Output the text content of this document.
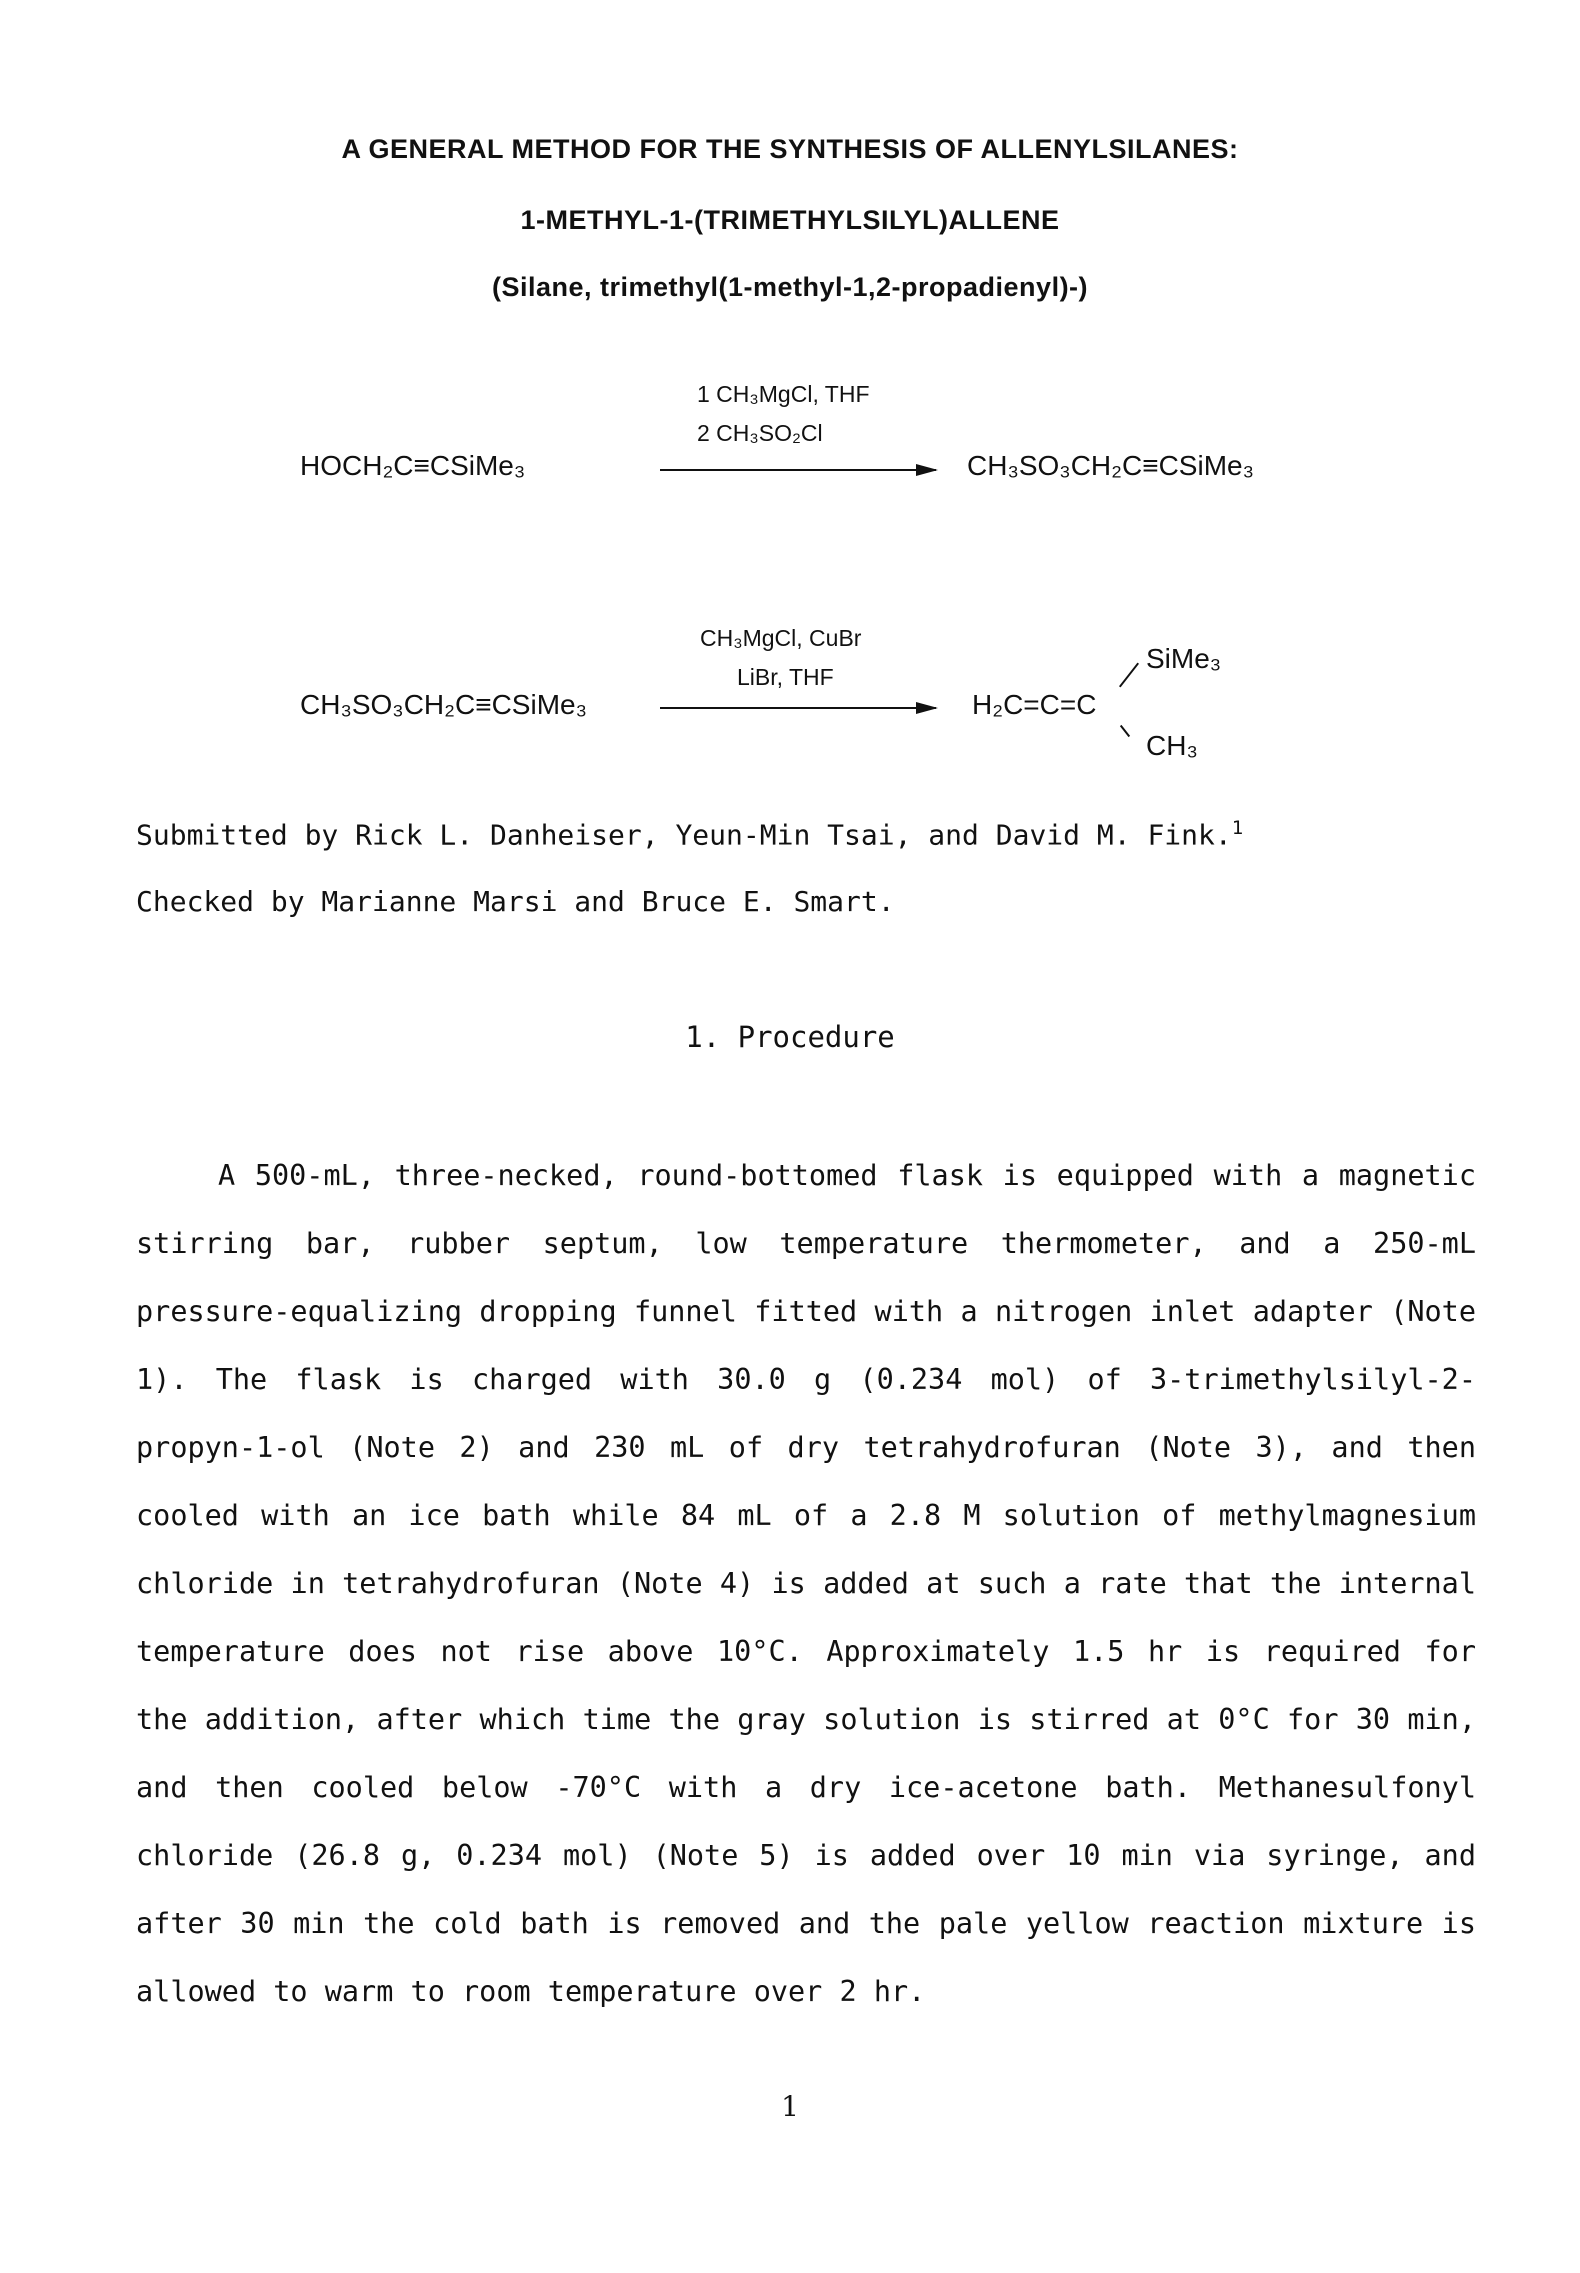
A GENERAL METHOD FOR THE SYNTHESIS OF ALLENYLSILANES:
1-METHYL-1-(TRIMETHYLSILYL)ALLENE
(Silane, trimethyl(1-methyl-1,2-propadienyl)-)
1 CH₃MgCl, THF
2 CH₃SO₂Cl
HOCH₂C≡CSiMe₃	CH₃SO₃CH₂C≡CSiMe₃
CH₃MgCl, CuBr
LiBr, THF
CH₃SO₃CH₂C≡CSiMe₃	H₂C=C=C
SiMe₃
CH₃
Submitted by Rick L. Danheiser, Yeun-Min Tsai, and David M. Fink.$^1$
Checked by Marianne Marsi and Bruce E. Smart.
1. Procedure
A 500-mL, three-necked, round-bottomed flask is equipped with a magnetic
stirring bar, rubber septum, low temperature thermometer, and a 250-mL
pressure-equalizing dropping funnel fitted with a nitrogen inlet adapter (Note
1). The flask is charged with 30.0 g (0.234 mol) of 3-trimethylsilyl-2-
propyn-1-ol (Note 2) and 230 mL of dry tetrahydrofuran (Note 3), and then
cooled with an ice bath while 84 mL of a 2.8 M solution of methylmagnesium
chloride in tetrahydrofuran (Note 4) is added at such a rate that the internal
temperature does not rise above 10°C. Approximately 1.5 hr is required for
the addition, after which time the gray solution is stirred at 0°C for 30 min,
and then cooled below -70°C with a dry ice-acetone bath. Methanesulfonyl
chloride (26.8 g, 0.234 mol) (Note 5) is added over 10 min via syringe, and
after 30 min the cold bath is removed and the pale yellow reaction mixture is
allowed to warm to room temperature over 2 hr.
1
